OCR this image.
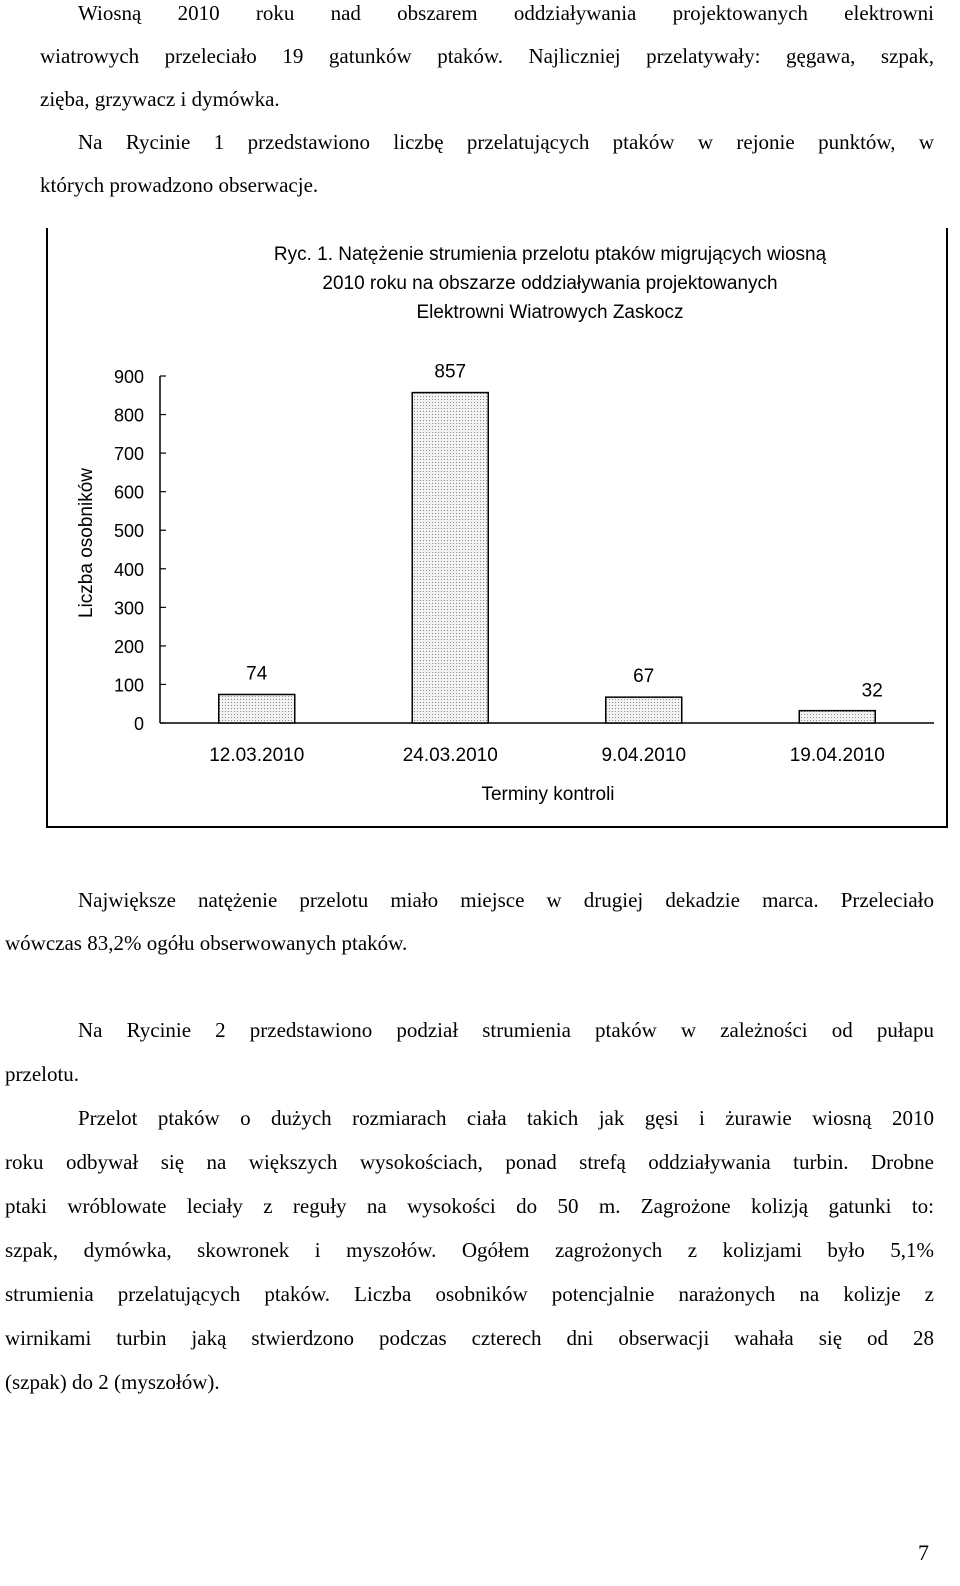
Wiosną 2010 roku nad obszarem oddziaływania projektowanych elektrowni
wiatrowych przeleciało 19 gatunków ptaków. Najliczniej przelatywały: gęgawa, szpak,
zięba, grzywacz i dymówka.
Na Rycinie 1 przedstawiono liczbę przelatujących ptaków w rejonie punktów, w
których prowadzono obserwacje.
Ryc. 1. Natężenie strumienia przelotu ptaków migrujących wiosną
2010 roku na obszarze oddziaływania projektowanych
Elektrowni Wiatrowych Zaskocz
0
100
200
300
400
500
600
700
800
900
12.03.2010
74
24.03.2010
857
9.04.2010
67
19.04.2010
32
Terminy kontroli
Liczba osobników
Największe natężenie przelotu miało miejsce w drugiej dekadzie marca. Przeleciało
wówczas 83,2% ogółu obserwowanych ptaków.
Na Rycinie 2 przedstawiono podział strumienia ptaków w zależności od pułapu
przelotu.
Przelot ptaków o dużych rozmiarach ciała takich jak gęsi i żurawie wiosną 2010
roku odbywał się na większych wysokościach, ponad strefą oddziaływania turbin. Drobne
ptaki wróblowate leciały z reguły na wysokości do 50 m. Zagrożone kolizją gatunki to:
szpak, dymówka, skowronek i myszołów. Ogółem zagrożonych z kolizjami było 5,1%
strumienia przelatujących ptaków. Liczba osobników potencjalnie narażonych na kolizje z
wirnikami turbin jaką stwierdzono podczas czterech dni obserwacji wahała się od 28
(szpak) do 2 (myszołów).
7
